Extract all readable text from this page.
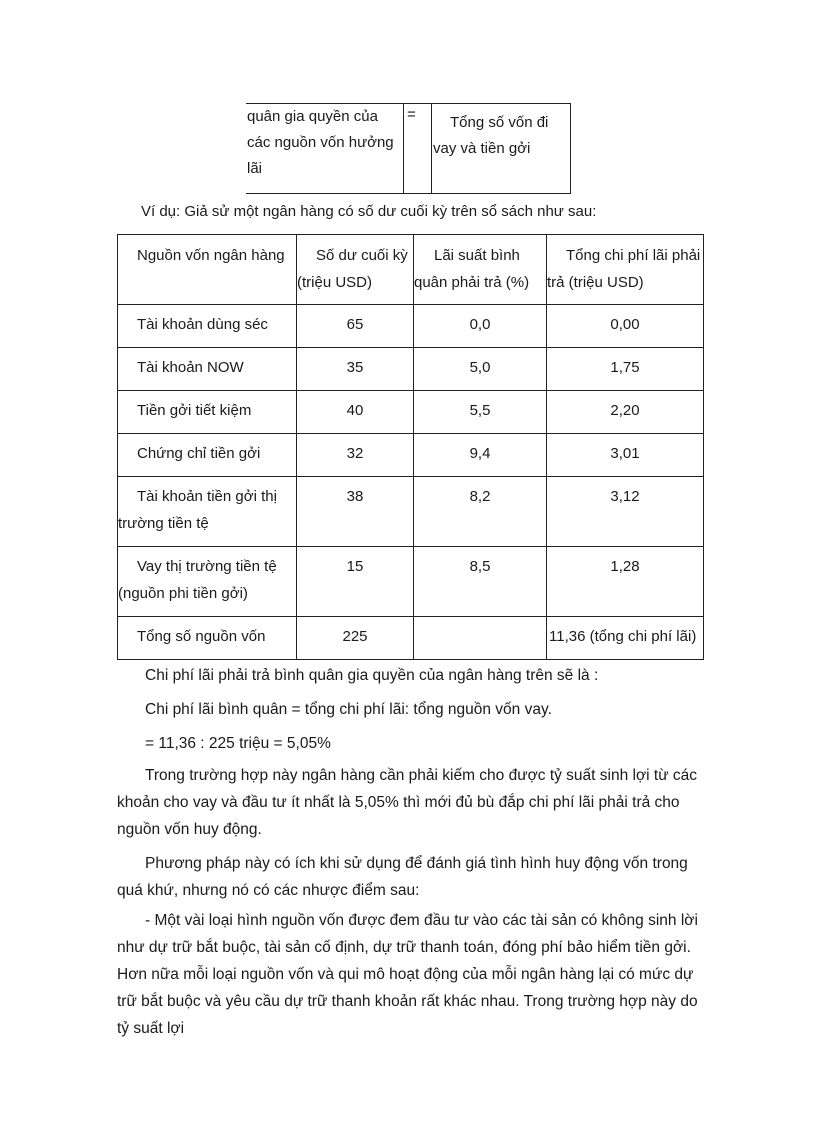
quân gia quyền của
các nguồn vốn hưởng
lãi
	=	Tổng số vốn đi
vay và tiền gởi
Ví dụ: Giả sử một ngân hàng có số dư cuối kỳ trên sổ sách như sau:
Nguồn vốn ngân hàng	Số dư cuối kỳ (triệu USD)	Lãi suất bình quân phải trả (%)	Tổng chi phí lãi phải trả (triệu USD)

Tài khoản dùng séc	65	0,0	0,00

Tài khoản NOW	35	5,0	1,75

Tiền gởi tiết kiệm	40	5,5	2,20

Chứng chỉ tiền gởi	32	9,4	3,01

Tài khoản tiền gởi thị trường tiền tệ	38	8,2	3,12

Vay thị trường tiền tệ (nguồn phi tiền gởi)	15	8,5	1,28

Tổng số nguồn vốn	225		11,36 (tổng chi phí lãi)
Chi phí lãi phải trả bình quân gia quyền của ngân hàng trên sẽ là :
Chi phí lãi bình quân = tổng chi phí lãi: tổng nguồn vốn vay.
= 11,36 : 225 triệu = 5,05%
Trong trường hợp này ngân hàng cần phải kiếm cho được tỷ suất sinh lợi từ các khoản cho vay và đầu tư ít nhất là 5,05% thì mới đủ bù đắp chi phí lãi phải trả cho nguồn vốn huy động.
Phương pháp này có ích khi sử dụng để đánh giá tình hình huy động vốn trong quá khứ, nhưng nó có các nhược điểm sau:
- Một vài loại hình nguồn vốn được đem đầu tư vào các tài sản có không sinh lời như dự trữ bắt buộc, tài sản cố định, dự trữ thanh toán, đóng phí bảo hiểm tiền gởi. Hơn nữa mỗi loại nguồn vốn và qui mô hoạt động của mỗi ngân hàng lại có mức dự trữ bắt buộc và yêu cầu dự trữ thanh khoản rất khác nhau. Trong trường hợp này do tỷ suất lợi
